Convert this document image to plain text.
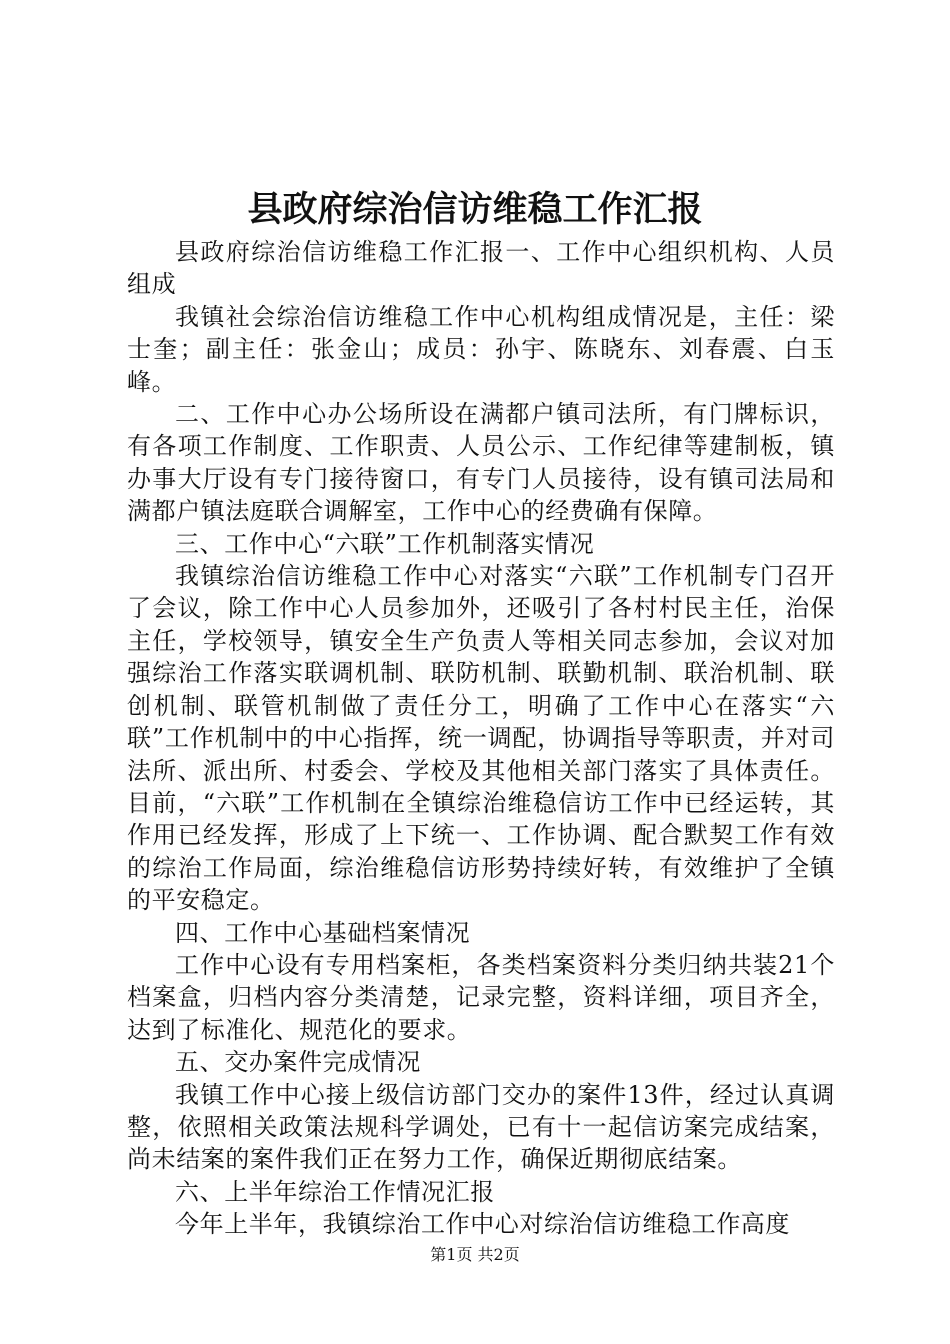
县政府综治信访维稳工作汇报

县政府综治信访维稳工作汇报一、工作中心组织机构、人员组成

我镇社会综治信访维稳工作中心机构组成情况是，主任：梁士奎；副主任：张金山；成员：孙宇、陈晓东、刘春震、白玉峰。

二、工作中心办公场所设在满都户镇司法所，有门牌标识，有各项工作制度、工作职责、人员公示、工作纪律等建制板，镇办事大厅设有专门接待窗口，有专门人员接待，设有镇司法局和满都户镇法庭联合调解室，工作中心的经费确有保障。

三、工作中心“六联”工作机制落实情况

我镇综治信访维稳工作中心对落实“六联”工作机制专门召开了会议，除工作中心人员参加外，还吸引了各村村民主任，治保主任，学校领导，镇安全生产负责人等相关同志参加，会议对加强综治工作落实联调机制、联防机制、联勤机制、联治机制、联创机制、联管机制做了责任分工，明确了工作中心在落实“六联”工作机制中的中心指挥，统一调配，协调指导等职责，并对司法所、派出所、村委会、学校及其他相关部门落实了具体责任。目前，“六联”工作机制在全镇综治维稳信访工作中已经运转，其作用已经发挥，形成了上下统一、工作协调、配合默契工作有效的综治工作局面，综治维稳信访形势持续好转，有效维护了全镇的平安稳定。

四、工作中心基础档案情况

工作中心设有专用档案柜，各类档案资料分类归纳共装21个档案盒，归档内容分类清楚，记录完整，资料详细，项目齐全，达到了标准化、规范化的要求。

五、交办案件完成情况

我镇工作中心接上级信访部门交办的案件13件，经过认真调整，依照相关政策法规科学调处，已有十一起信访案完成结案，尚未结案的案件我们正在努力工作，确保近期彻底结案。

六、上半年综治工作情况汇报

今年上半年，我镇综治工作中心对综治信访维稳工作高度

第1页 共2页
